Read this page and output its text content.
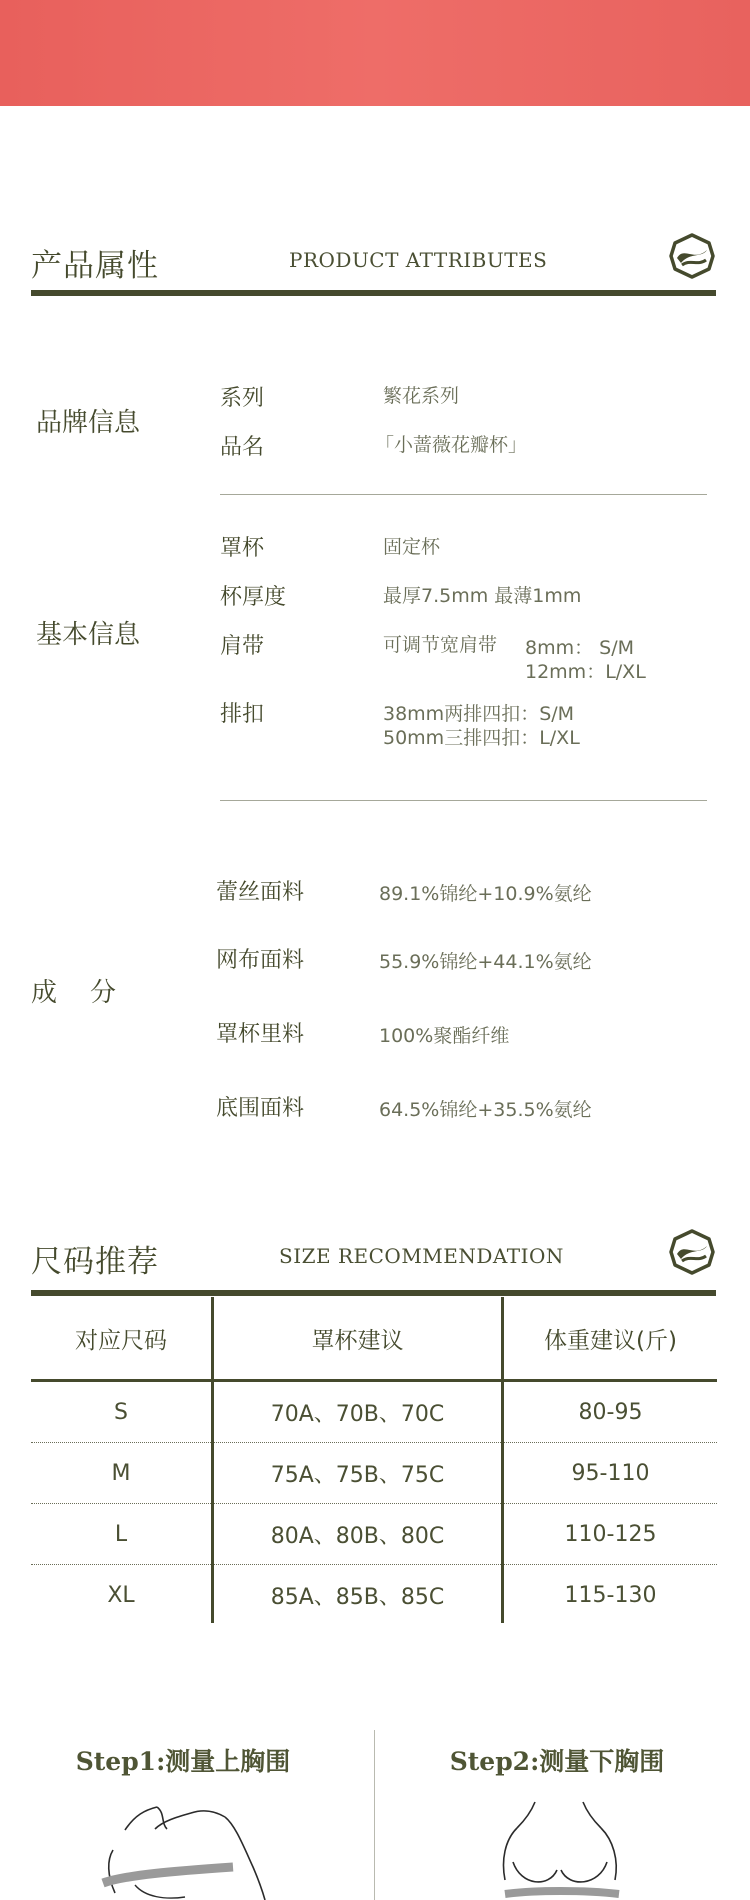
产品属性	PRODUCT ATTRIBUTES
品牌信息
系列	繁花系列
品名	「小蔷薇花瓣杯」
基本信息
罩杯	固定杯
杯厚度	最厚7.5mm 最薄1mm
肩带	可调节宽肩带 8mm： S/M
12mm：L/XL
排扣	38mm两排四扣：S/M
50mm三排四扣：L/XL
成    分
蕾丝面料	89.1%锦纶+10.9%氨纶
网布面料	55.9%锦纶+44.1%氨纶
罩杯里料	100%聚酯纤维
底围面料	64.5%锦纶+35.5%氨纶
尺码推荐	SIZE RECOMMENDATION
对应尺码	罩杯建议	体重建议(斤)
S	70A、70B、70C	80-95
M	75A、75B、75C	95-110
L	80A、80B、80C	110-125
XL	85A、85B、85C	115-130
Step1:测量上胸围	Step2:测量下胸围
